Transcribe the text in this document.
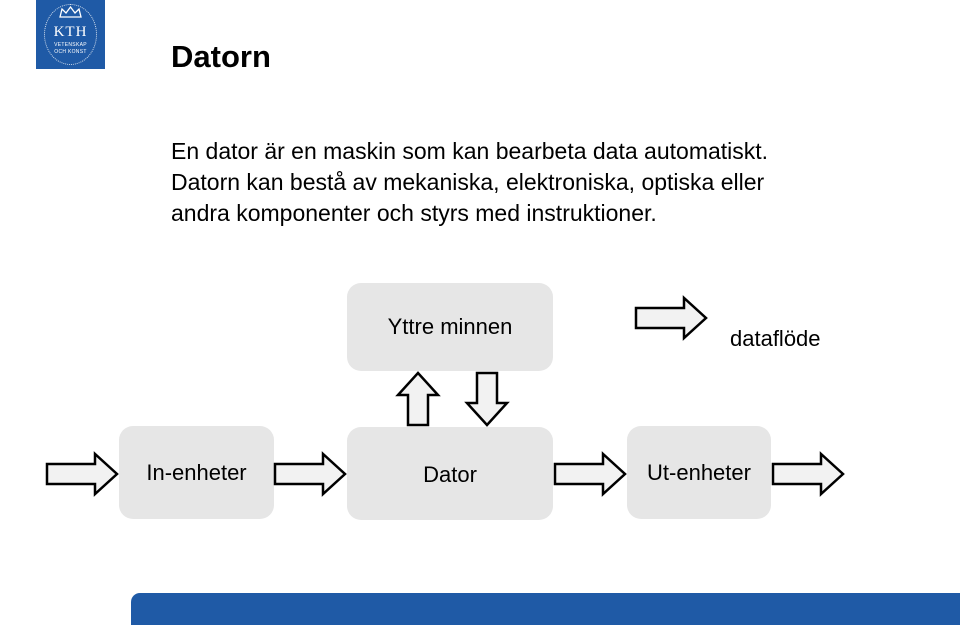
KTH
VETENSKAP
OCH KONST	Datorn

En dator är en maskin som kan bearbeta data automatiskt.
Datorn kan bestå av mekaniska, elektroniska, optiska eller
andra komponenter och styrs med instruktioner.

Yttre minnen
In-enheter	Dator	Ut-enheter
dataflöde
